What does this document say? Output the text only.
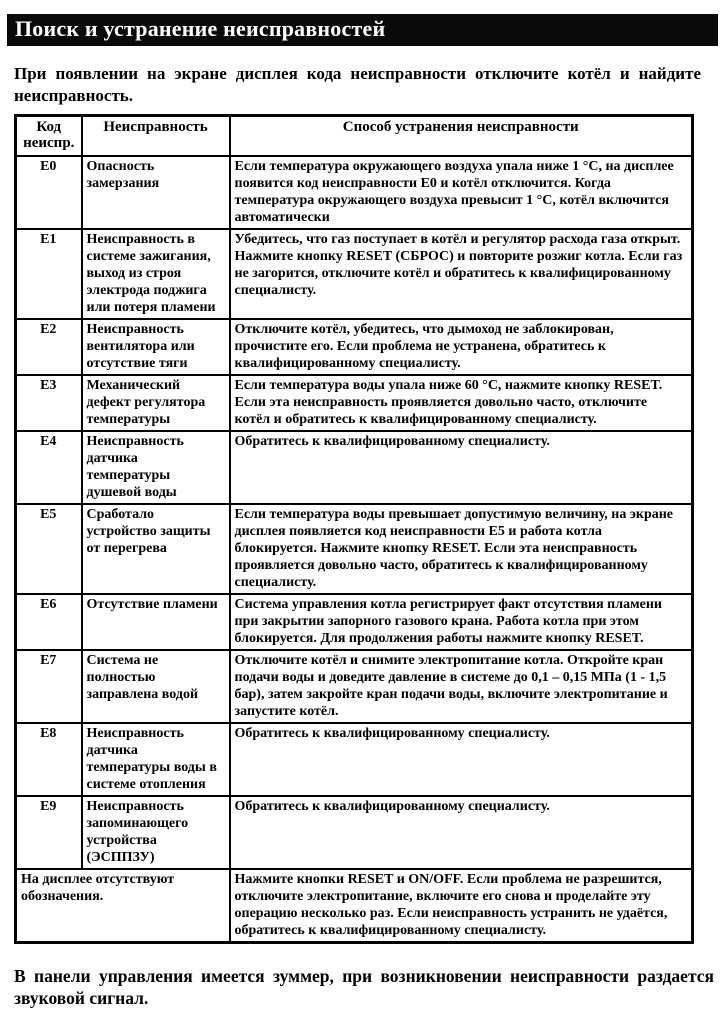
Поиск и устранение неисправностей

При появлении на экране дисплея кода неисправности отключите котёл и найдите неисправность.

Код неиспр.	Неисправность	Способ устранения неисправности
E0	Опасность замерзания	Если температура окружающего воздуха упала ниже 1 °С, на дисплее появится код неисправности E0 и котёл отключится. Когда температура окружающего воздуха превысит 1 °С, котёл включится автоматически
E1	Неисправность в системе зажигания, выход из строя электрода поджига или потеря пламени	Убедитесь, что газ поступает в котёл и регулятор расхода газа открыт. Нажмите кнопку RESET (СБРОС) и повторите розжиг котла. Если газ не загорится, отключите котёл и обратитесь к квалифицированному специалисту.
E2	Неисправность вентилятора или отсутствие тяги	Отключите котёл, убедитесь, что дымоход не заблокирован, прочистите его. Если проблема не устранена, обратитесь к квалифицированному специалисту.
E3	Механический дефект регулятора температуры	Если температура воды упала ниже 60 °С, нажмите кнопку RESET. Если эта неисправность проявляется довольно часто, отключите котёл и обратитесь к квалифицированному специалисту.
E4	Неисправность датчика температуры душевой воды	Обратитесь к квалифицированному специалисту.
E5	Сработало устройство защиты от перегрева	Если температура воды превышает допустимую величину, на экране дисплея появляется код неисправности E5 и работа котла блокируется. Нажмите кнопку RESET. Если эта неисправность проявляется довольно часто, обратитесь к квалифицированному специалисту.
E6	Отсутствие пламени	Система управления котла регистрирует факт отсутствия пламени при закрытии запорного газового крана. Работа котла при этом блокируется. Для продолжения работы нажмите кнопку RESET.
E7	Система не полностью заправлена водой	Отключите котёл и снимите электропитание котла. Откройте кран подачи воды и доведите давление в системе до 0,1 – 0,15 МПа (1 - 1,5 бар), затем закройте кран подачи воды, включите электропитание и запустите котёл.
E8	Неисправность датчика температуры воды в системе отопления	Обратитесь к квалифицированному специалисту.
E9	Неисправность запоминающего устройства (ЭСППЗУ)	Обратитесь к квалифицированному специалисту.
На дисплее отсутствуют обозначения.		Нажмите кнопки RESET и ON/OFF. Если проблема не разрешится, отключите электропитание, включите его снова и проделайте эту операцию несколько раз. Если неисправность устранить не удаётся, обратитесь к квалифицированному специалисту.

В панели управления имеется зуммер, при возникновении неисправности раздается звуковой сигнал.
